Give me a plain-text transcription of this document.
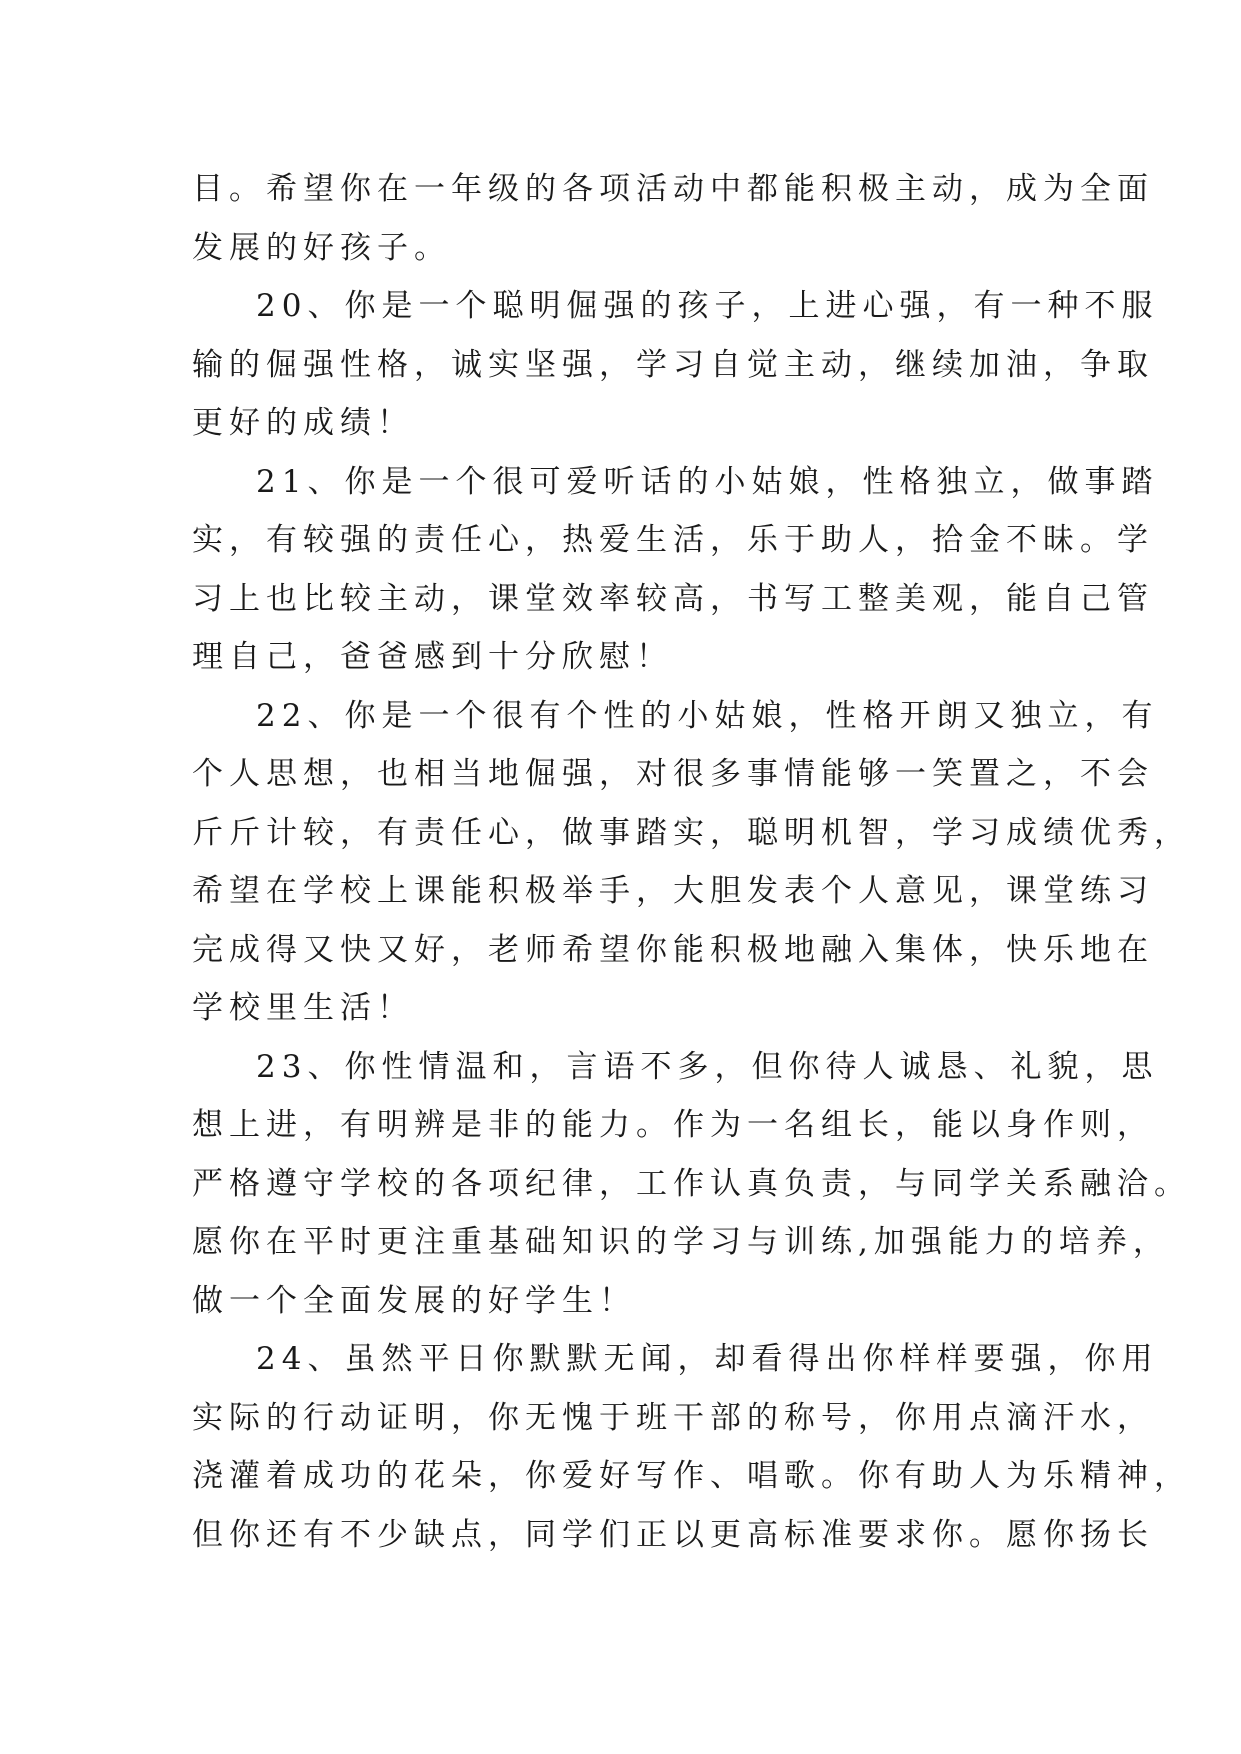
目。希望你在一年级的各项活动中都能积极主动，成为全面
发展的好孩子。
20、你是一个聪明倔强的孩子，上进心强，有一种不服
输的倔强性格，诚实坚强，学习自觉主动，继续加油，争取
更好的成绩！
21、你是一个很可爱听话的小姑娘，性格独立，做事踏
实，有较强的责任心，热爱生活，乐于助人，拾金不昧。学
习上也比较主动，课堂效率较高，书写工整美观，能自己管
理自己，爸爸感到十分欣慰！
22、你是一个很有个性的小姑娘，性格开朗又独立，有
个人思想，也相当地倔强，对很多事情能够一笑置之，不会
斤斤计较，有责任心，做事踏实，聪明机智，学习成绩优秀，
希望在学校上课能积极举手，大胆发表个人意见，课堂练习
完成得又快又好，老师希望你能积极地融入集体，快乐地在
学校里生活！
23、你性情温和，言语不多，但你待人诚恳、礼貌，思
想上进，有明辨是非的能力。作为一名组长，能以身作则，
严格遵守学校的各项纪律，工作认真负责，与同学关系融洽。
愿你在平时更注重基础知识的学习与训练,加强能力的培养，
做一个全面发展的好学生！
24、虽然平日你默默无闻，却看得出你样样要强，你用
实际的行动证明，你无愧于班干部的称号，你用点滴汗水，
浇灌着成功的花朵，你爱好写作、唱歌。你有助人为乐精神，
但你还有不少缺点，同学们正以更高标准要求你。愿你扬长
